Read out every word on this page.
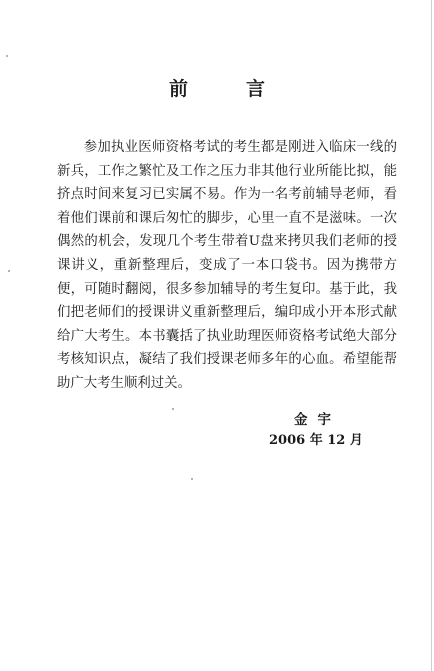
前言

参加执业医师资格考试的考生都是刚进入临床一线的新兵，工作之繁忙及工作之压力非其他行业所能比拟，能挤点时间来复习已实属不易。作为一名考前辅导老师，看着他们课前和课后匆忙的脚步，心里一直不是滋味。一次偶然的机会，发现几个考生带着U盘来拷贝我们老师的授课讲义，重新整理后，变成了一本口袋书。因为携带方便，可随时翻阅，很多参加辅导的考生复印。基于此，我们把老师们的授课讲义重新整理后，编印成小开本形式献给广大考生。本书囊括了执业助理医师资格考试绝大部分考核知识点，凝结了我们授课老师多年的心血。希望能帮助广大考生顺利过关。

金宇
2006 年 12 月
